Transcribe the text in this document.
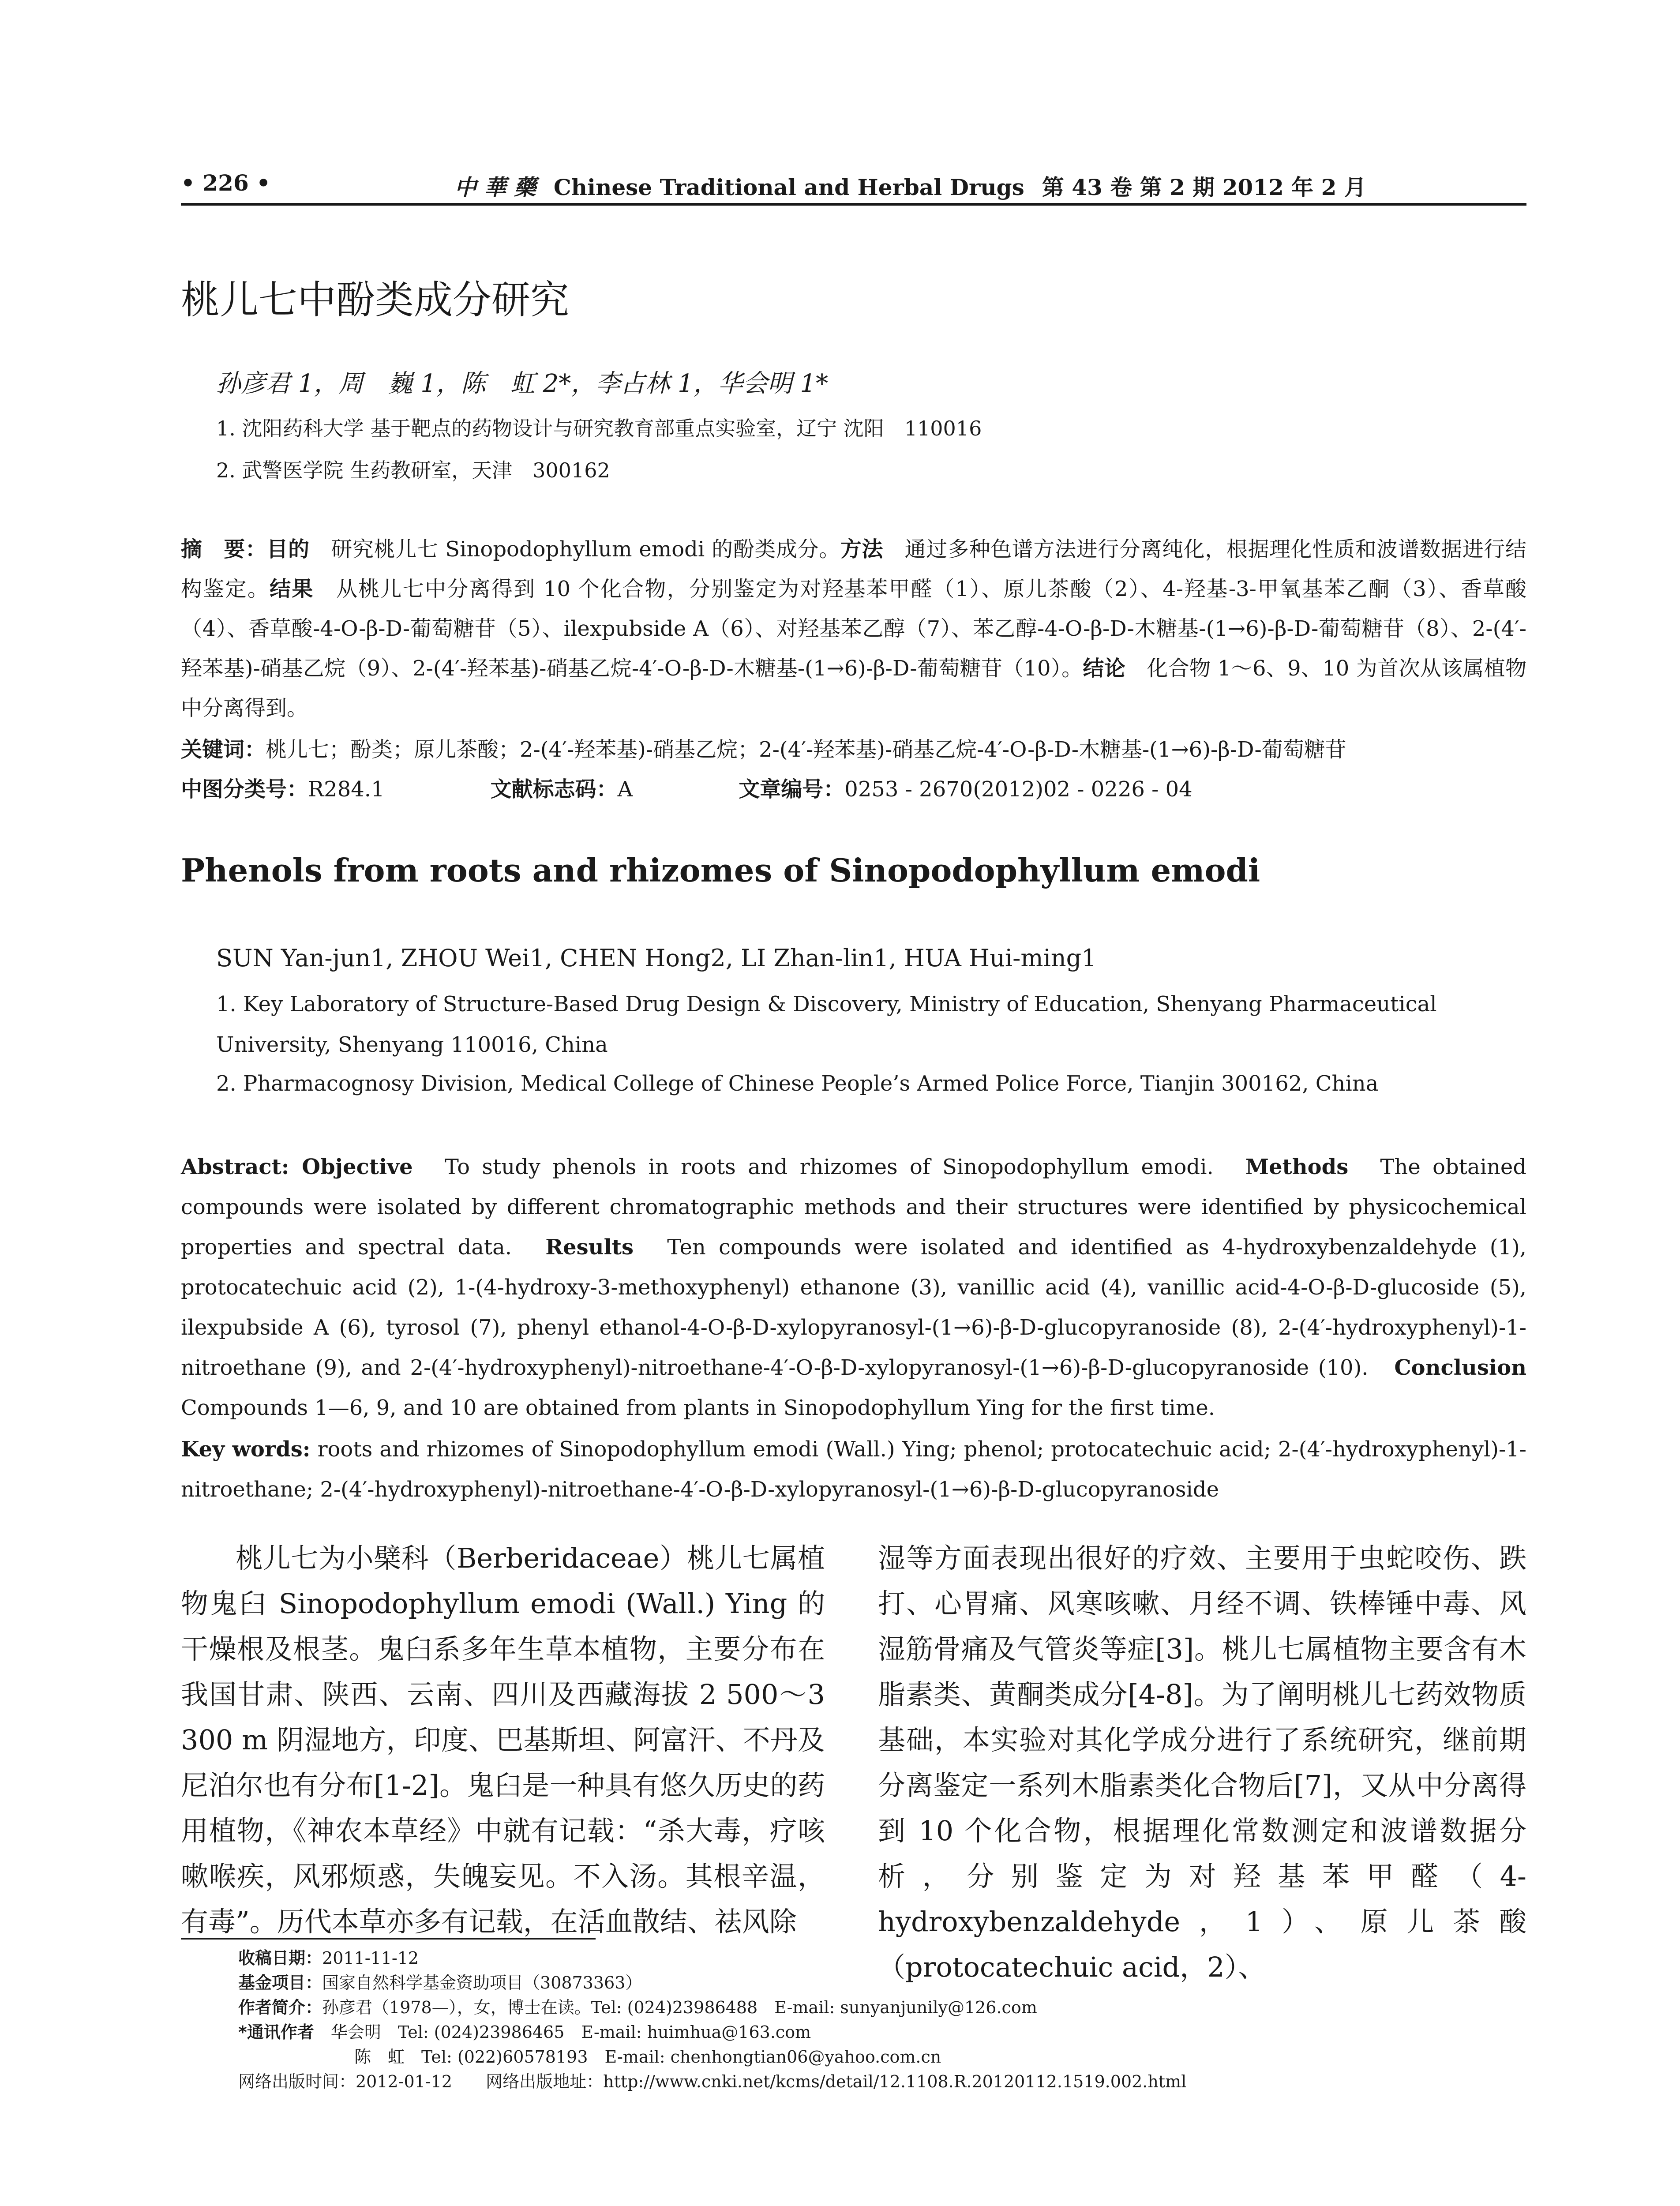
• 226 •	中 華 藥 Chinese Traditional and Herbal Drugs 第 43 卷 第 2 期 2012 年 2 月
桃儿七中酚类成分研究
孙彦君 1，周　巍 1，陈　虹 2*，李占林 1，华会明 1*
1. 沈阳药科大学 基于靶点的药物设计与研究教育部重点实验室，辽宁 沈阳　110016
2. 武警医学院 生药教研室，天津　300162
摘　要：目的　 研究桃儿七 Sinopodophyllum emodi 的酚类成分。方法　 通过多种色谱方法进行分离纯化，根据理化性质和波谱数据进行结构鉴定。结果　 从桃儿七中分离得到 10 个化合物，分别鉴定为对羟基苯甲醛（1）、原儿茶酸（2）、4-羟基-3-甲氧基苯乙酮（3）、香草酸（4）、香草酸-4-O-β-D-葡萄糖苷（5）、ilexpubside A（6）、对羟基苯乙醇（7）、苯乙醇-4-O-β-D-木糖基-(1→6)-β-D-葡萄糖苷（8）、2-(4′-羟苯基)-硝基乙烷（9）、2-(4′-羟苯基)-硝基乙烷-4′-O-β-D-木糖基-(1→6)-β-D-葡萄糖苷（10）。结论　 化合物 1～6、9、10 为首次从该属植物中分离得到。
关键词：桃儿七；酚类；原儿茶酸；2-(4′-羟苯基)-硝基乙烷；2-(4′-羟苯基)-硝基乙烷-4′-O-β-D-木糖基-(1→6)-β-D-葡萄糖苷
中图分类号：R284.1	文献标志码：A	文章编号：0253 - 2670(2012)02 - 0226 - 04
Phenols from roots and rhizomes of Sinopodophyllum emodi
SUN Yan-jun1, ZHOU Wei1, CHEN Hong2, LI Zhan-lin1, HUA Hui-ming1
1. Key Laboratory of Structure-Based Drug Design & Discovery, Ministry of Education, Shenyang Pharmaceutical University, Shenyang 110016, China
2. Pharmacognosy Division, Medical College of Chinese People’s Armed Police Force, Tianjin 300162, China
Abstract: Objective　 To study phenols in roots and rhizomes of Sinopodophyllum emodi.　 Methods　 The obtained compounds were isolated by different chromatographic methods and their structures were identified by physicochemical properties and spectral data.　 Results　 Ten compounds were isolated and identified as 4-hydroxybenzaldehyde (1), protocatechuic acid (2), 1-(4-hydroxy-3-methoxyphenyl) ethanone (3), vanillic acid (4), vanillic acid-4-O-β-D-glucoside (5), ilexpubside A (6), tyrosol (7), phenyl ethanol-4-O-β-D-xylopyranosyl-(1→6)-β-D-glucopyranoside (8), 2-(4′-hydroxyphenyl)-1-nitroethane (9), and 2-(4′-hydroxyphenyl)-nitroethane-4′-O-β-D-xylopyranosyl-(1→6)-β-D-glucopyranoside (10).　 Conclusion　Compounds 1—6, 9, and 10 are obtained from plants in Sinopodophyllum Ying for the first time.
Key words: roots and rhizomes of Sinopodophyllum emodi (Wall.) Ying; phenol; protocatechuic acid; 2-(4′-hydroxyphenyl)-1-nitroethane; 2-(4′-hydroxyphenyl)-nitroethane-4′-O-β-D-xylopyranosyl-(1→6)-β-D-glucopyranoside
桃儿七为小檗科（Berberidaceae）桃儿七属植物鬼臼 Sinopodophyllum emodi (Wall.) Ying 的干燥根及根茎。鬼臼系多年生草本植物，主要分布在我国甘肃、陕西、云南、四川及西藏海拔 2 500～3 300 m 阴湿地方，印度、巴基斯坦、阿富汗、不丹及尼泊尔也有分布[1-2]。鬼臼是一种具有悠久历史的药用植物，《神农本草经》中就有记载：“杀大毒，疗咳嗽喉疾，风邪烦惑，失魄妄见。不入汤。其根辛温，有毒”。历代本草亦多有记载，在活血散结、祛风除
湿等方面表现出很好的疗效、主要用于虫蛇咬伤、跌打、心胃痛、风寒咳嗽、月经不调、铁棒锤中毒、风湿筋骨痛及气管炎等症[3]。桃儿七属植物主要含有木脂素类、黄酮类成分[4-8]。为了阐明桃儿七药效物质基础，本实验对其化学成分进行了系统研究，继前期分离鉴定一系列木脂素类化合物后[7]，又从中分离得到 10 个化合物，根据理化常数测定和波谱数据分析，分别鉴定为对羟基苯甲醛（4-hydroxybenzaldehyde，1）、原儿茶酸（protocatechuic acid，2）、
收稿日期：2011-11-12
基金项目：国家自然科学基金资助项目（30873363）
作者简介：孙彦君（1978—），女，博士在读。Tel: (024)23986488　E-mail: sunyanjunily@126.com
*通讯作者　 华会明　Tel: (024)23986465　E-mail: huimhua@163.com
陈　虹　Tel: (022)60578193　E-mail: chenhongtian06@yahoo.com.cn
网络出版时间：2012-01-12　　网络出版地址：http://www.cnki.net/kcms/detail/12.1108.R.20120112.1519.002.html
